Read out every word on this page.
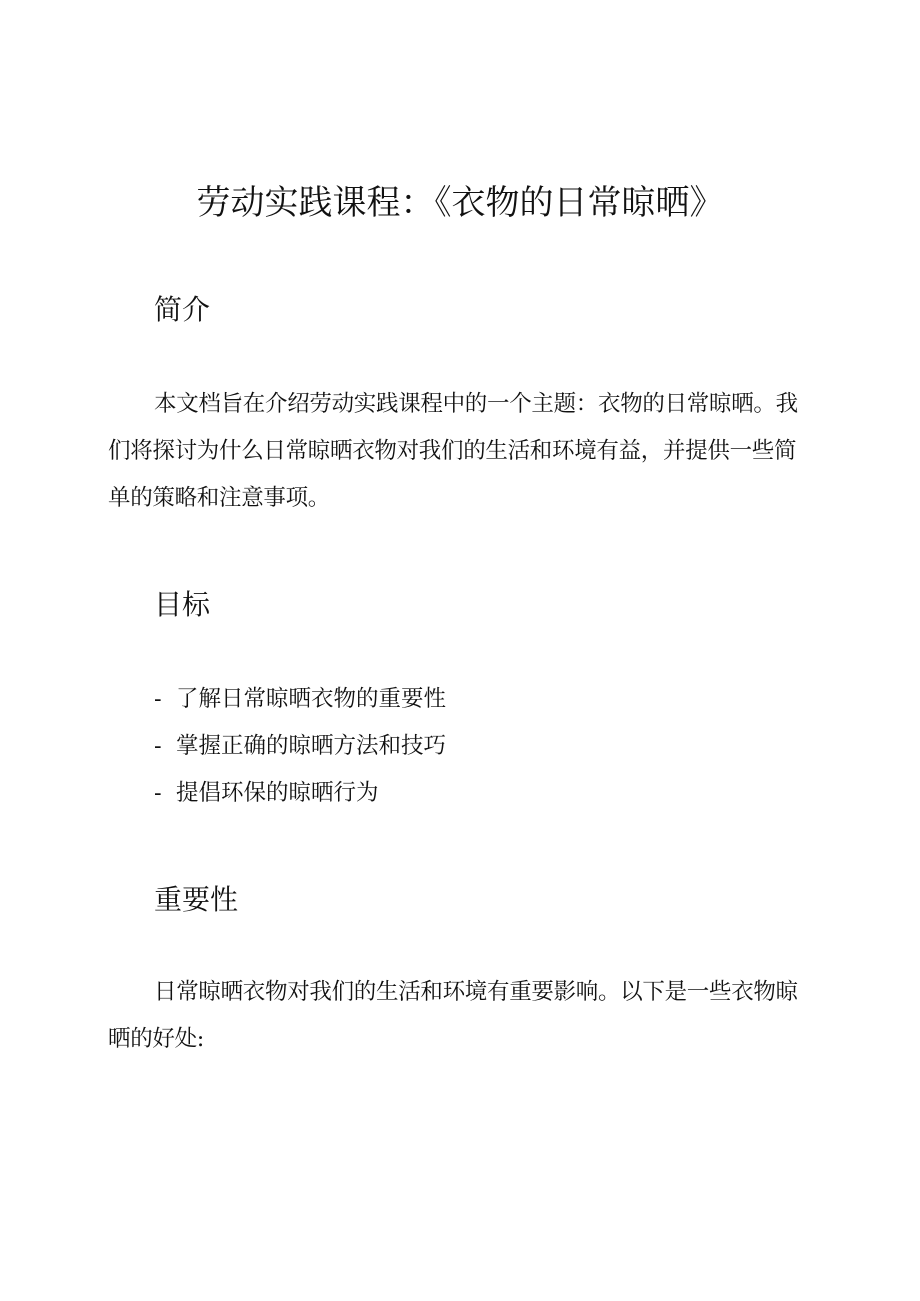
劳动实践课程：《衣物的日常晾晒》
简介

本文档旨在介绍劳动实践课程中的一个主题：衣物的日常晾晒。我们将探讨为什么日常晾晒衣物对我们的生活和环境有益，并提供一些简单的策略和注意事项。

目标
- 了解日常晾晒衣物的重要性
- 掌握正确的晾晒方法和技巧
- 提倡环保的晾晒行为
重要性

日常晾晒衣物对我们的生活和环境有重要影响。以下是一些衣物晾晒的好处:
